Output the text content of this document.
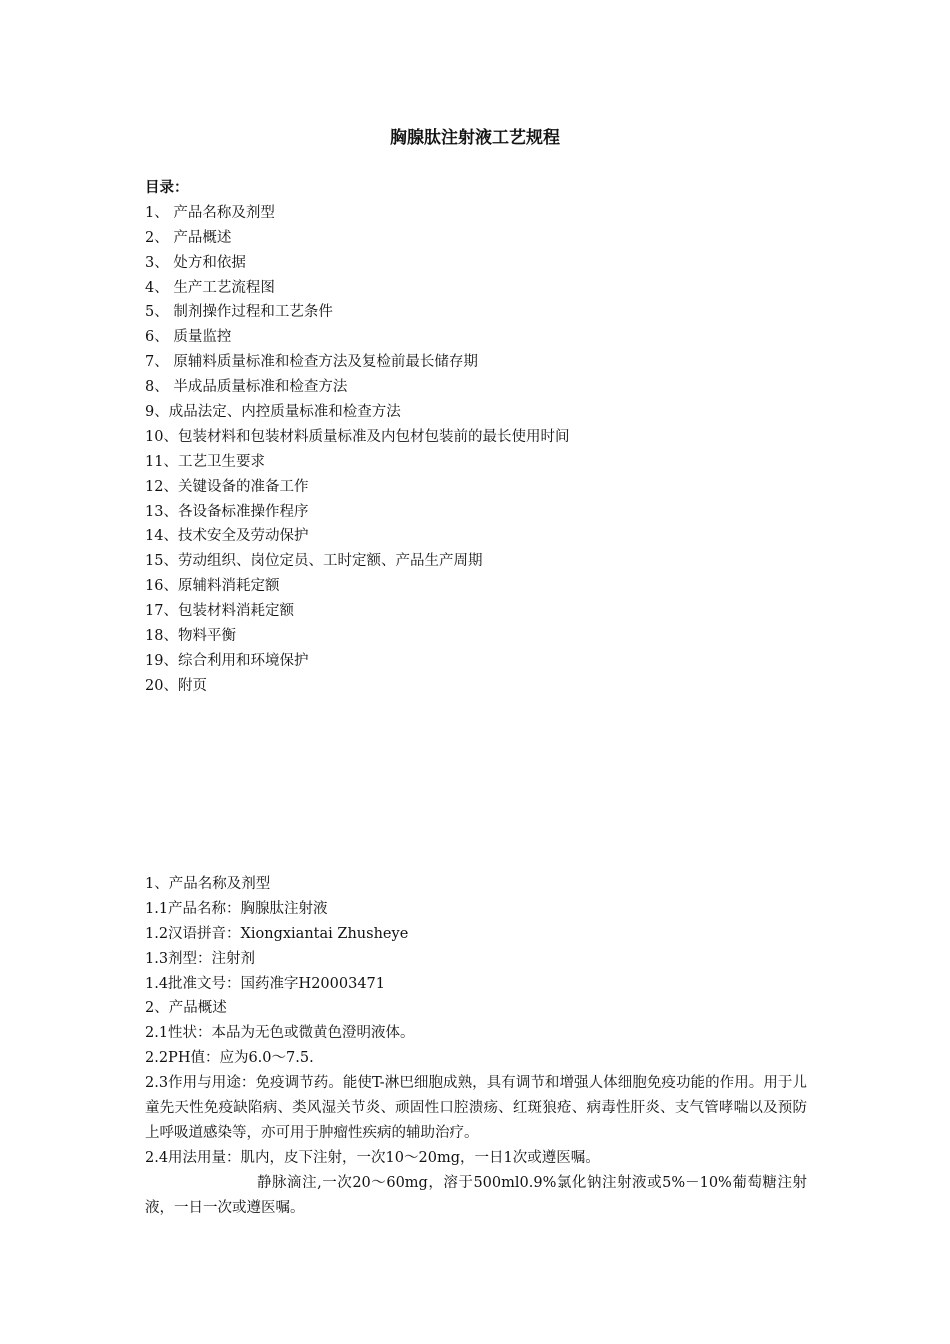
胸腺肽注射液工艺规程
目录：
1、 产品名称及剂型
2、 产品概述
3、 处方和依据
4、 生产工艺流程图
5、 制剂操作过程和工艺条件
6、 质量监控
7、 原辅料质量标准和检查方法及复检前最长储存期
8、 半成品质量标准和检查方法
9、成品法定、内控质量标准和检查方法
10、包装材料和包装材料质量标准及内包材包装前的最长使用时间
11、工艺卫生要求
12、关键设备的准备工作
13、各设备标准操作程序
14、技术安全及劳动保护
15、劳动组织、岗位定员、工时定额、产品生产周期
16、原辅料消耗定额
17、包装材料消耗定额
18、物料平衡
19、综合利用和环境保护
20、附页
1、产品名称及剂型
1.1产品名称：胸腺肽注射液
1.2汉语拼音：Xiongxiantai Zhusheye
1.3剂型：注射剂
1.4批准文号：国药准字H20003471
2、产品概述
2.1性状：本品为无色或微黄色澄明液体。
2.2PH值：应为6.0～7.5.

2.3作用与用途：免疫调节药。能使T-淋巴细胞成熟，具有调节和增强人体细胞免疫功能的作用。用于儿童先天性免疫缺陷病、类风湿关节炎、顽固性口腔溃疡、红斑狼疮、病毒性肝炎、支气管哮喘以及预防上呼吸道感染等，亦可用于肿瘤性疾病的辅助治疗。

2.4用法用量：肌内，皮下注射，一次10～20mg，一日1次或遵医嘱。

静脉滴注,一次20～60mg，溶于500ml0.9%氯化钠注射液或5%－10%葡萄糖注射液，一日一次或遵医嘱。
